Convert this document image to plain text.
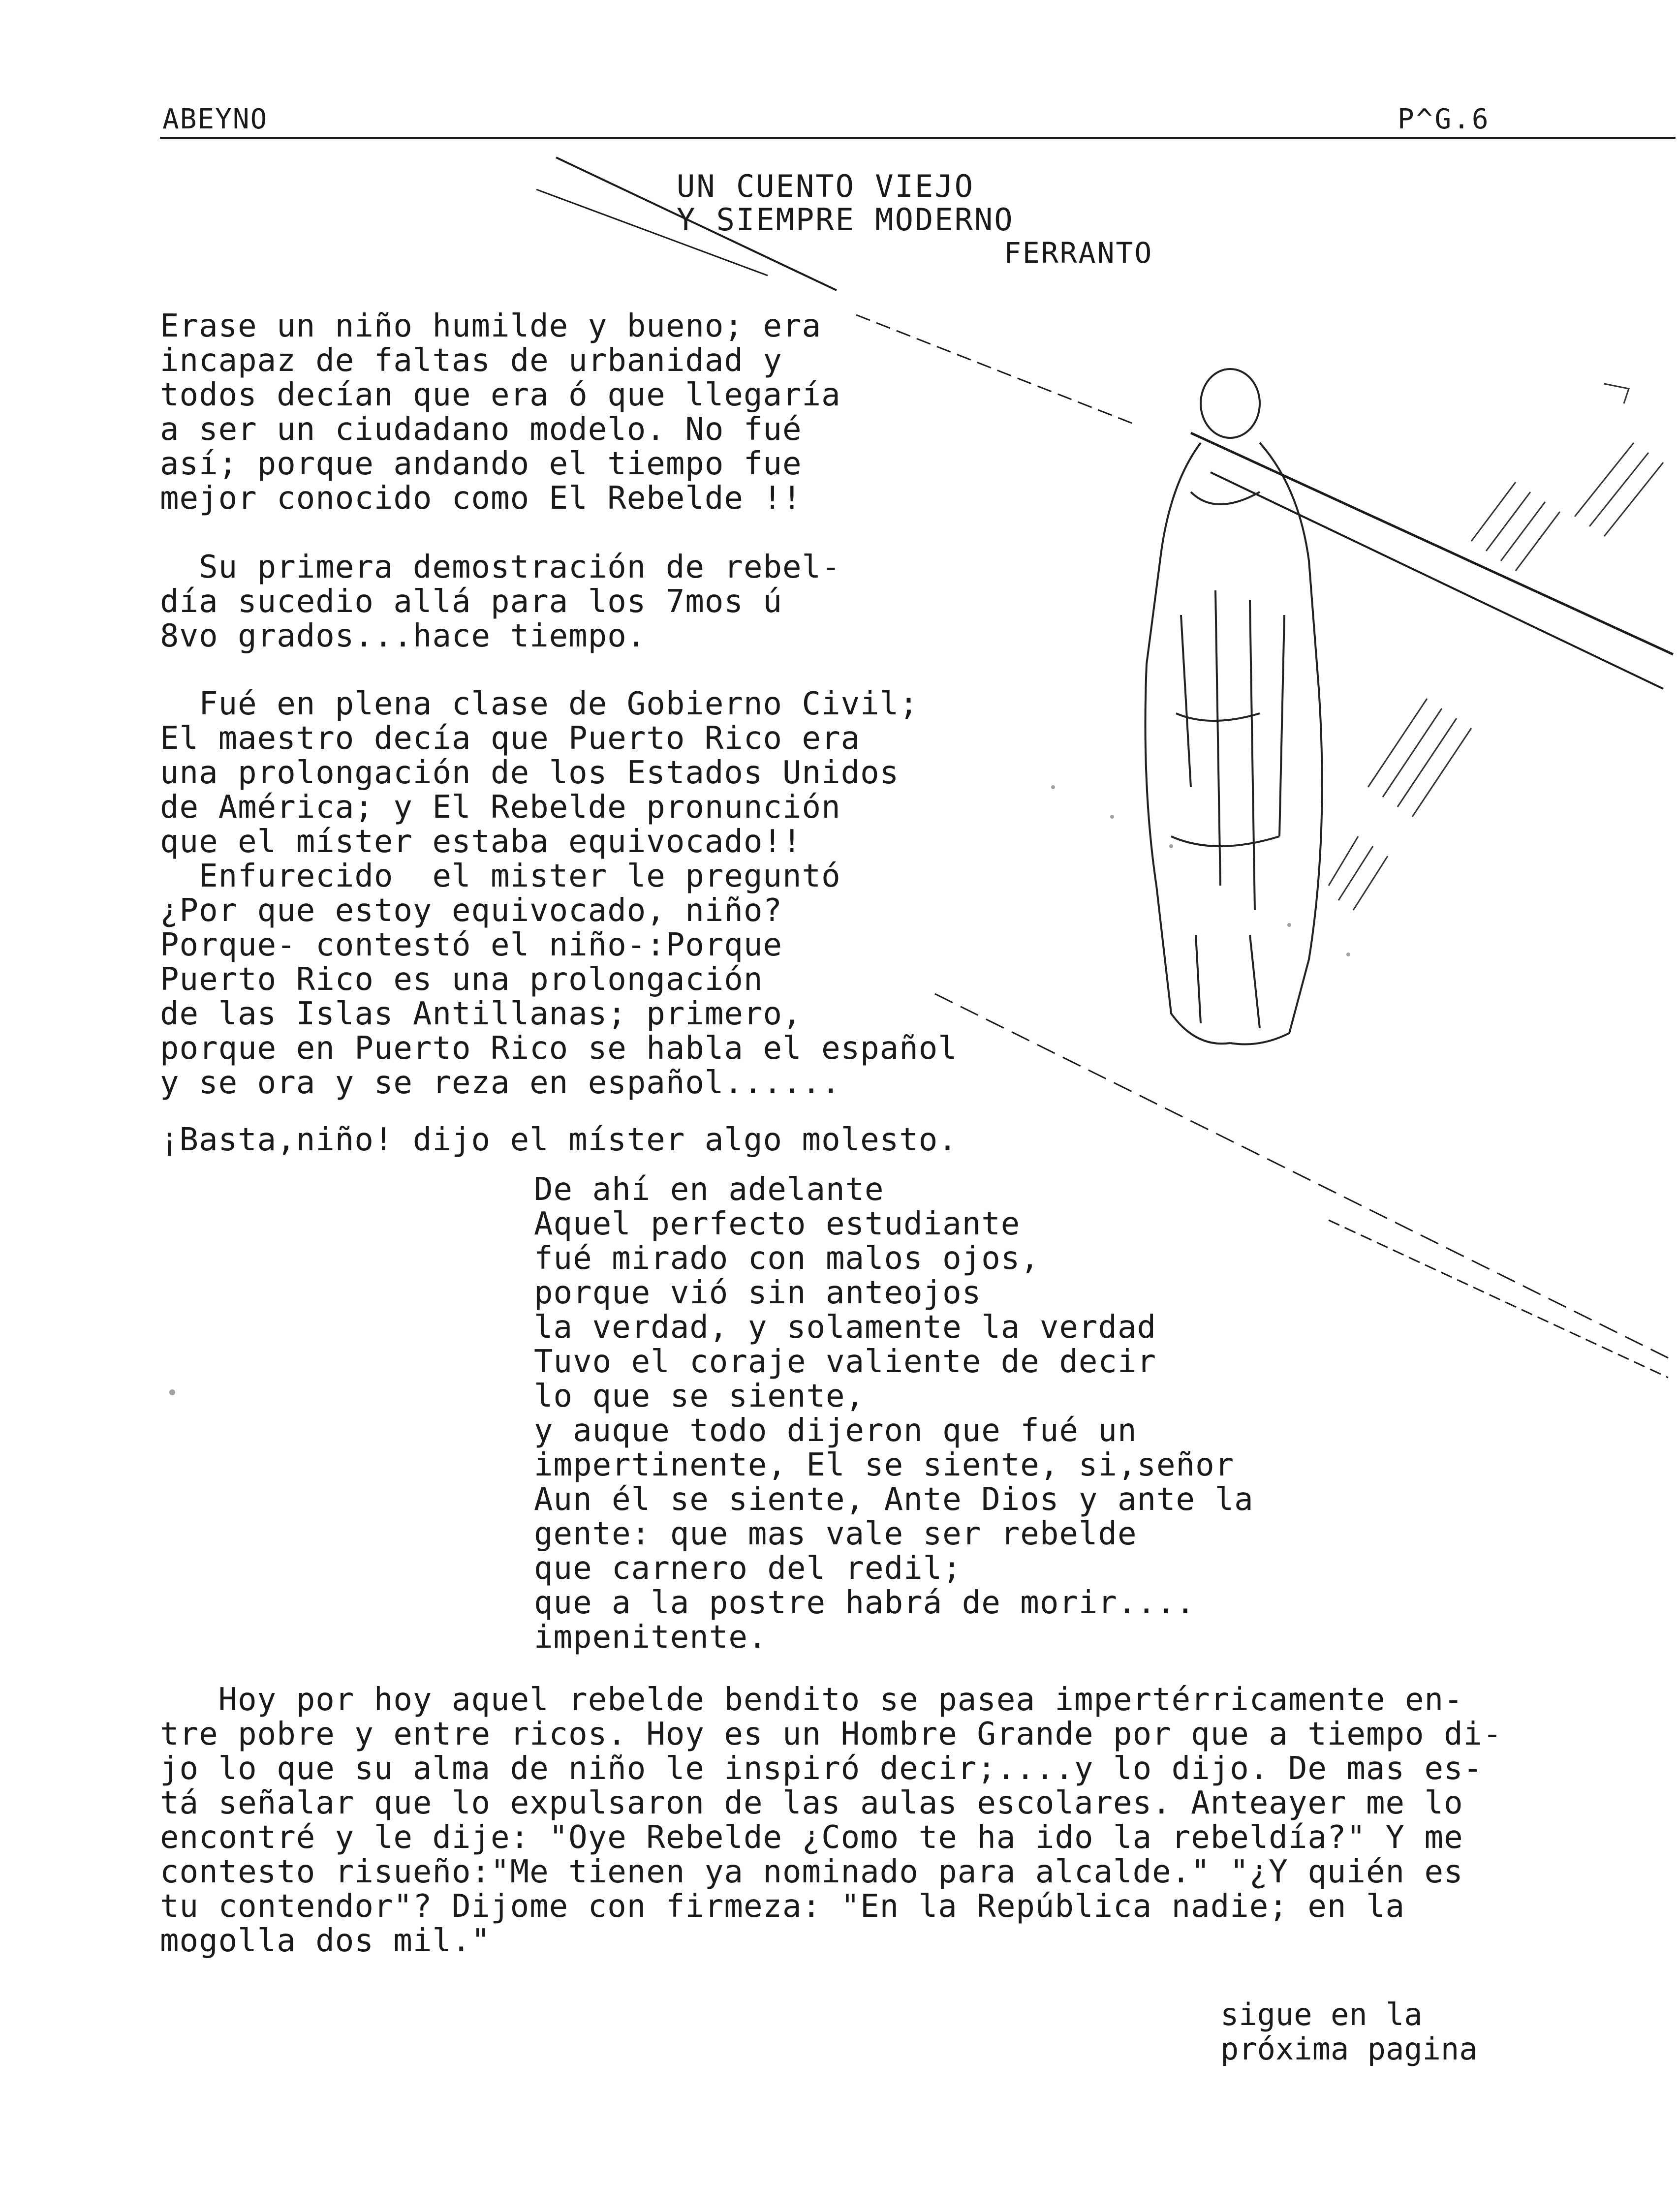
ABEYNO	P^G.6
UN CUENTO VIEJO
Y SIEMPRE MODERNO
FERRANTO
Erase un niño humilde y bueno; era
incapaz de faltas de urbanidad y
todos decían que era ó que llegaría
a ser un ciudadano modelo. No fué
así; porque andando el tiempo fue
mejor conocido como El Rebelde !!
Su primera demostración de rebel-
día sucedio allá para los 7mos ú
8vo grados...hace tiempo.
Fué en plena clase de Gobierno Civil;
El maestro decía que Puerto Rico era
una prolongación de los Estados Unidos
de América; y El Rebelde pronunción
que el míster estaba equivocado!!
Enfurecido  el mister le preguntó
¿Por que estoy equivocado, niño?
Porque- contestó el niño-:Porque
Puerto Rico es una prolongación
de las Islas Antillanas; primero,
porque en Puerto Rico se habla el español
y se ora y se reza en español......
¡Basta,niño! dijo el míster algo molesto.
De ahí en adelante
Aquel perfecto estudiante
fué mirado con malos ojos,
porque vió sin anteojos
la verdad, y solamente la verdad
Tuvo el coraje valiente de decir
lo que se siente,
y auque todo dijeron que fué un
impertinente, El se siente, si,señor
Aun él se siente, Ante Dios y ante la
gente: que mas vale ser rebelde
que carnero del redil;
que a la postre habrá de morir....
impenitente.
Hoy por hoy aquel rebelde bendito se pasea impertérricamente en-
tre pobre y entre ricos. Hoy es un Hombre Grande por que a tiempo di-
jo lo que su alma de niño le inspiró decir;....y lo dijo. De mas es-
tá señalar que lo expulsaron de las aulas escolares. Anteayer me lo
encontré y le dije: "Oye Rebelde ¿Como te ha ido la rebeldía?" Y me
contesto risueño:"Me tienen ya nominado para alcalde." "¿Y quién es
tu contendor"? Dijome con firmeza: "En la República nadie; en la
mogolla dos mil."
sigue en la
próxima pagina
